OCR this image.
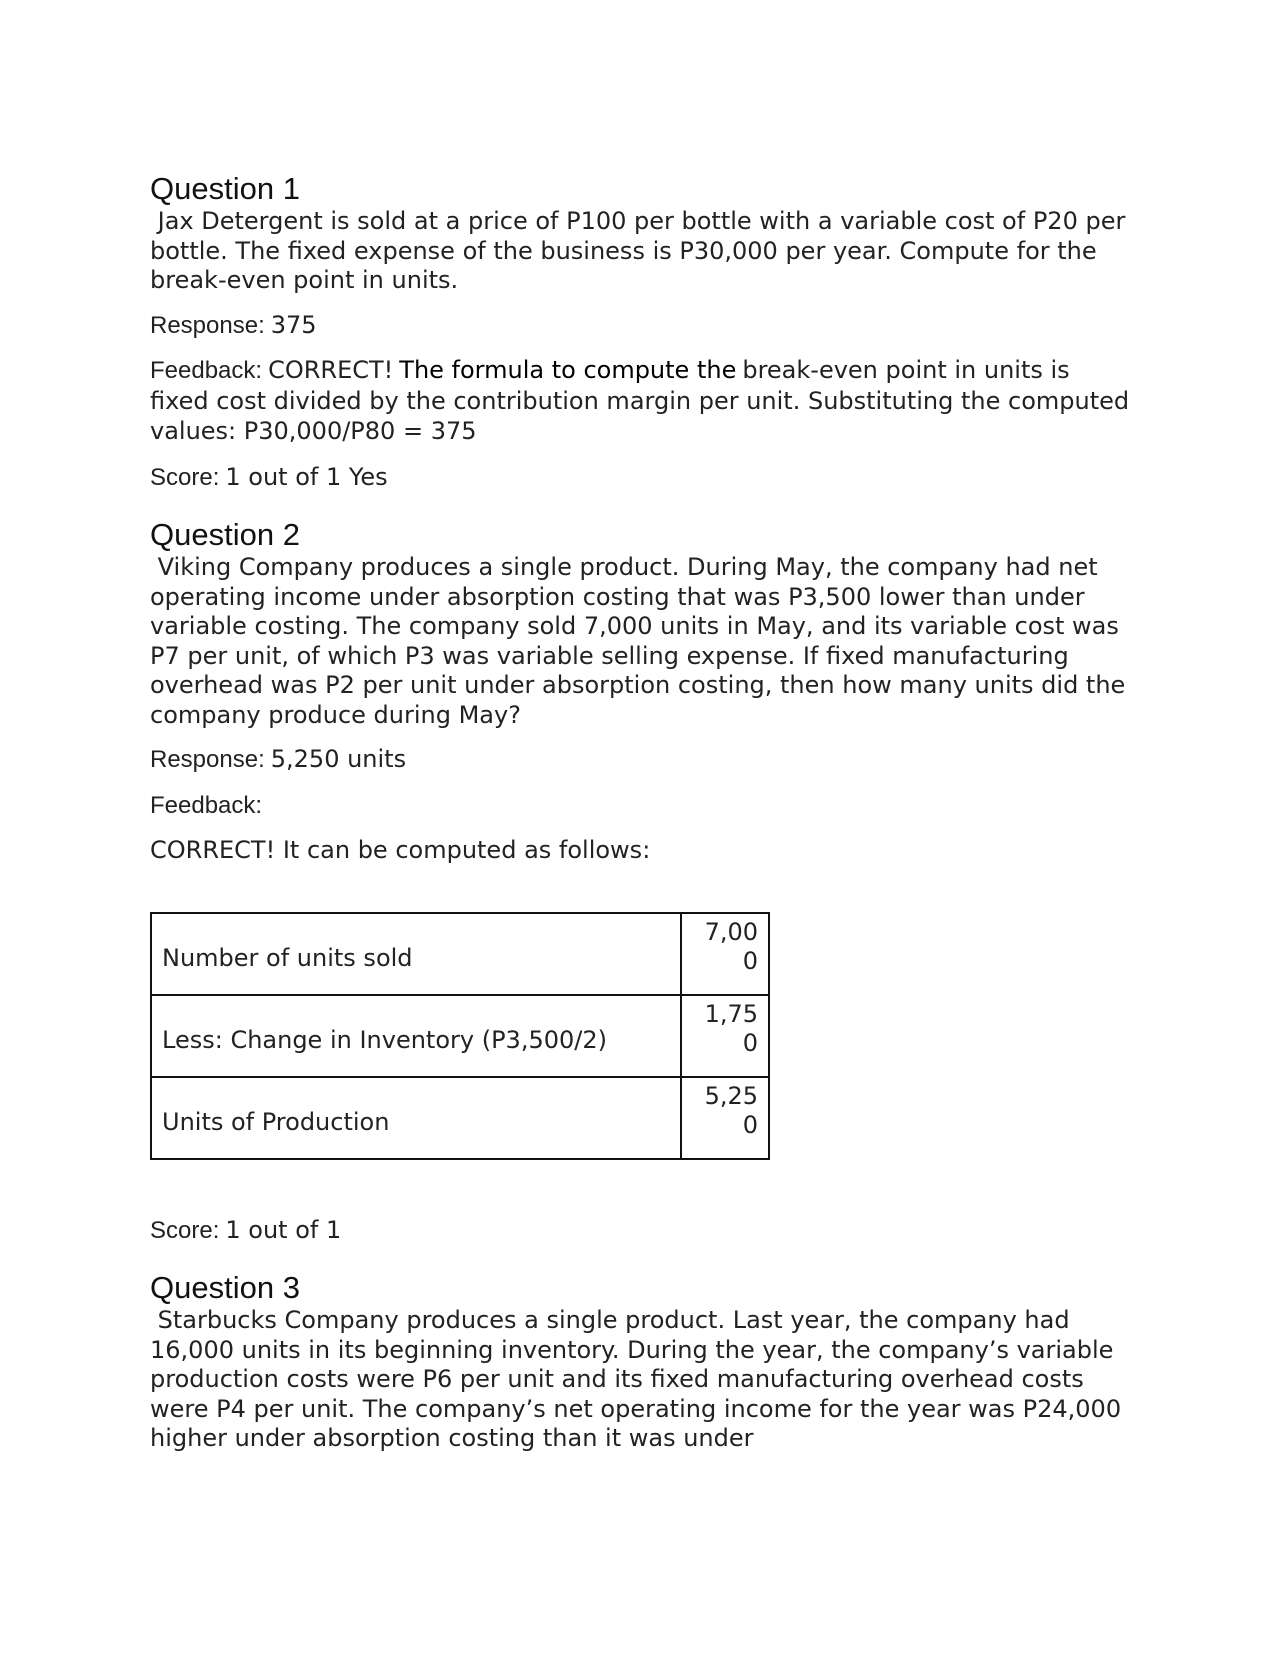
Question 1

Jax Detergent is sold at a price of P100 per bottle with a variable cost of P20 per bottle. The fixed expense of the business is P30,000 per year. Compute for the break-even point in units.

Response: 375
Feedback: CORRECT! The formula to compute the break-even point in units is fixed cost divided by the contribution margin per unit. Substituting the computed values: P30,000/P80 = 375
Score: 1 out of 1 Yes
Question 2

Viking Company produces a single product. During May, the company had net operating income under absorption costing that was P3,500 lower than under variable costing. The company sold 7,000 units in May, and its variable cost was P7 per unit, of which P3 was variable selling expense. If fixed manufacturing overhead was P2 per unit under absorption costing, then how many units did the company produce during May?

Response: 5,250 units
Feedback:
CORRECT! It can be computed as follows:
Number of units sold	7,000
Less: Change in Inventory (P3,500/2)	1,750
Units of Production	5,250
Score: 1 out of 1
Question 3

Starbucks Company produces a single product. Last year, the company had 16,000 units in its beginning inventory. During the year, the company’s variable production costs were P6 per unit and its fixed manufacturing overhead costs were P4 per unit. The company’s net operating income for the year was P24,000 higher under absorption costing than it was under
